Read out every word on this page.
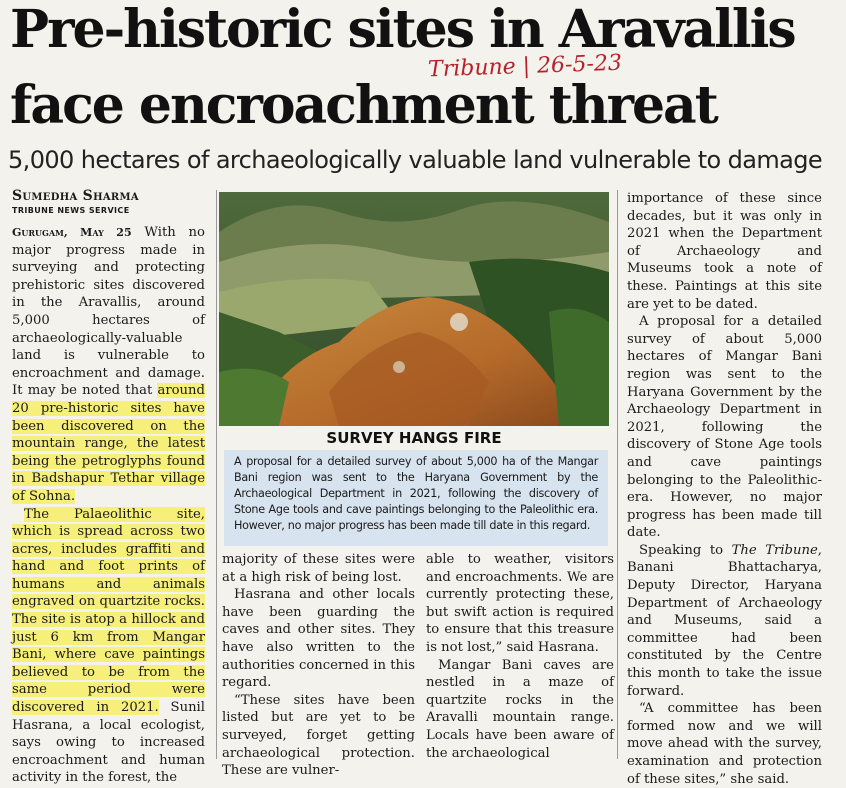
Pre-historic sites in Aravallis
face encroachment threat
Tribune | 26-5-23
5,000 hectares of archaeologically valuable land vulnerable to damage
Sumedha Sharma
TRIBUNE NEWS SERVICE

Gurugam, May 25 With no major progress made in surveying and protecting prehistoric sites discovered in the Aravallis, around 5,000 hectares of archaeologically-valuable land is vulnerable to encroachment and damage. It may be noted that around 20 pre-historic sites have been discovered on the mountain range, the latest being the petroglyphs found in Badshapur Tethar village of Sohna.

The Palaeolithic site, which is spread across two acres, includes graffiti and hand and foot prints of humans and animals engraved on quartzite rocks. The site is atop a hillock and just 6 km from Mangar Bani, where cave paintings believed to be from the same period were discovered in 2021. Sunil Hasrana, a local ecologist, says owing to increased encroachment and human activity in the forest, the

SURVEY HANGS FIRE
A proposal for a detailed survey of about 5,000 ha of the Mangar Bani region was sent to the Haryana Government by the Archaeological Department in 2021, following the discovery of Stone Age tools and cave paintings belonging to the Paleolithic era. However, no major progress has been made till date in this regard.

majority of these sites were at a high risk of being lost.

Hasrana and other locals have been guarding the caves and other sites. They have also written to the authorities concerned in this regard.

“These sites have been listed but are yet to be surveyed, forget getting archaeological protection. These are vulner-

able to weather, visitors and encroachments. We are currently protecting these, but swift action is required to ensure that this treasure is not lost,” said Hasrana.

Mangar Bani caves are nestled in a maze of quartzite rocks in the Aravalli mountain range. Locals have been aware of the archaeological

importance of these since decades, but it was only in 2021 when the Department of Archaeology and Museums took a note of these. Paintings at this site are yet to be dated.

A proposal for a detailed survey of about 5,000 hectares of Mangar Bani region was sent to the Haryana Government by the Archaeology Department in 2021, following the discovery of Stone Age tools and cave paintings belonging to the Paleolithic-era. However, no major progress has been made till date.

Speaking to The Tribune, Banani Bhattacharya, Deputy Director, Haryana Department of Archaeology and Museums, said a committee had been constituted by the Centre this month to take the issue forward.

“A committee has been formed now and we will move ahead with the survey, examination and protection of these sites,” she said.
